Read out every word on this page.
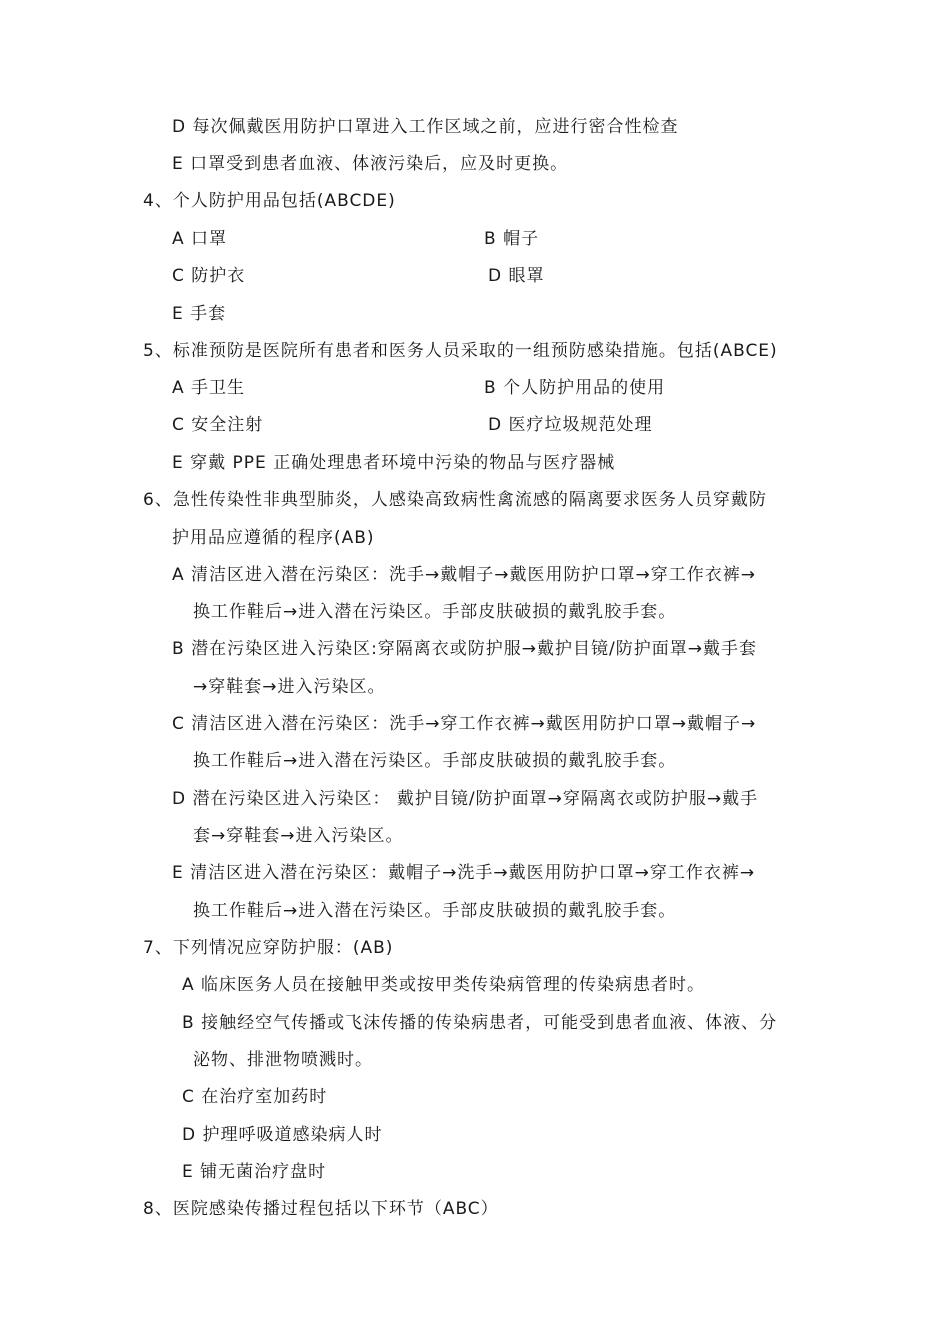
D 每次佩戴医用防护口罩进入工作区域之前，应进行密合性检查
E 口罩受到患者血液、体液污染后，应及时更换。
4、个人防护用品包括(ABCDE)
A 口罩	B 帽子
C 防护衣	D 眼罩
E 手套
5、标准预防是医院所有患者和医务人员采取的一组预防感染措施。包括(ABCE)
A 手卫生	B 个人防护用品的使用
C 安全注射	D 医疗垃圾规范处理
E 穿戴 PPE 正确处理患者环境中污染的物品与医疗器械
6、急性传染性非典型肺炎，人感染高致病性禽流感的隔离要求医务人员穿戴防
护用品应遵循的程序(AB)
A 清洁区进入潜在污染区：洗手→戴帽子→戴医用防护口罩→穿工作衣裤→
换工作鞋后→进入潜在污染区。手部皮肤破损的戴乳胶手套。
B 潜在污染区进入污染区:穿隔离衣或防护服→戴护目镜/防护面罩→戴手套
→穿鞋套→进入污染区。
C 清洁区进入潜在污染区：洗手→穿工作衣裤→戴医用防护口罩→戴帽子→
换工作鞋后→进入潜在污染区。手部皮肤破损的戴乳胶手套。
D 潜在污染区进入污染区： 戴护目镜/防护面罩→穿隔离衣或防护服→戴手
套→穿鞋套→进入污染区。
E 清洁区进入潜在污染区：戴帽子→洗手→戴医用防护口罩→穿工作衣裤→
换工作鞋后→进入潜在污染区。手部皮肤破损的戴乳胶手套。
7、下列情况应穿防护服：(AB)
A 临床医务人员在接触甲类或按甲类传染病管理的传染病患者时。
B 接触经空气传播或飞沫传播的传染病患者，可能受到患者血液、体液、分
泌物、排泄物喷溅时。
C 在治疗室加药时
D 护理呼吸道感染病人时
E 铺无菌治疗盘时
8、医院感染传播过程包括以下环节（ABC）
